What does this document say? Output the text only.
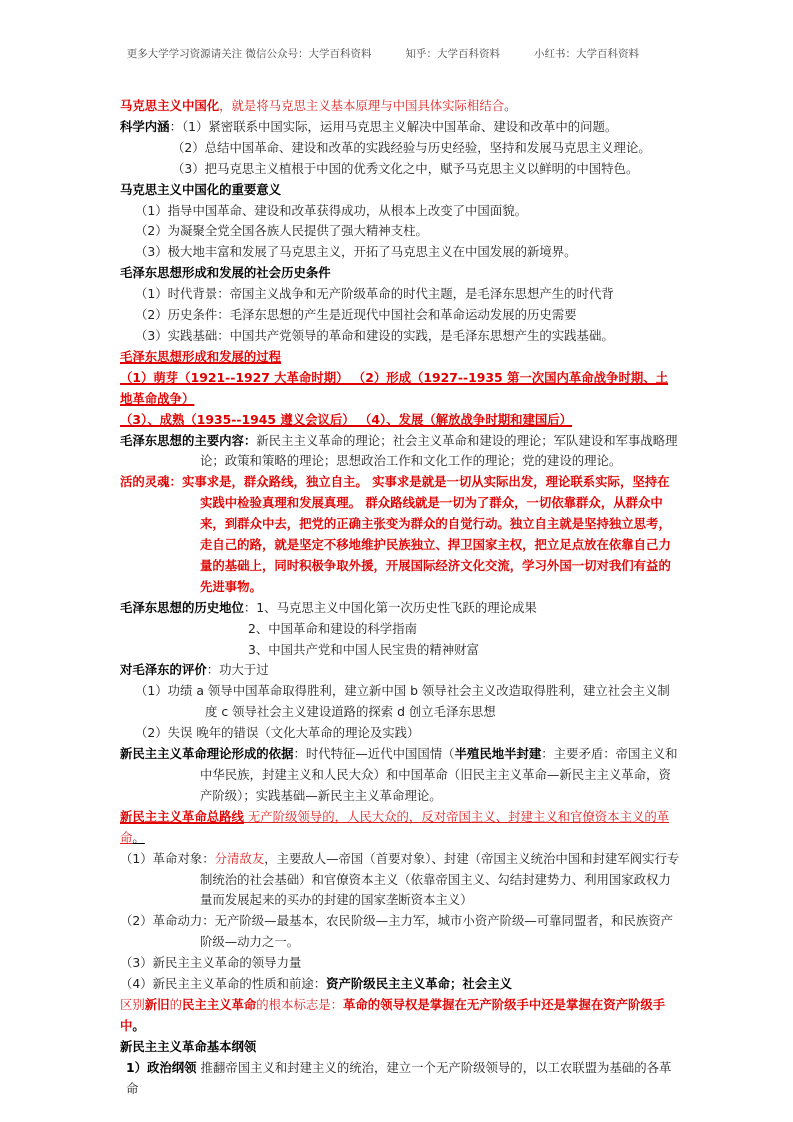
更多大学学习资源请关注 微信公众号：大学百科资料	知乎：大学百科资料	小红书：大学百科资料

马克思主义中国化，就是将马克思主义基本原理与中国具体实际相结合。

科学内涵：（1）紧密联系中国实际，运用马克思主义解决中国革命、建设和改革中的问题。

（2）总结中国革命、建设和改革的实践经验与历史经验，坚持和发展马克思主义理论。

（3）把马克思主义植根于中国的优秀文化之中，赋予马克思主义以鲜明的中国特色。

马克思主义中国化的重要意义

（1）指导中国革命、建设和改革获得成功，从根本上改变了中国面貌。

（2）为凝聚全党全国各族人民提供了强大精神支柱。

（3）极大地丰富和发展了马克思主义，开拓了马克思主义在中国发展的新境界。

毛泽东思想形成和发展的社会历史条件

（1）时代背景：帝国主义战争和无产阶级革命的时代主题，是毛泽东思想产生的时代背

（2）历史条件：毛泽东思想的产生是近现代中国社会和革命运动发展的历史需要

（3）实践基础：中国共产党领导的革命和建设的实践，是毛泽东思想产生的实践基础。

毛泽东思想形成和发展的过程

（1）萌芽（1921--1927 大革命时期） （2）形成（1927--1935 第一次国内革命战争时期、土地革命战争）

（3）、成熟（1935--1945 遵义会议后） （4）、发展（解放战争时期和建国后）

毛泽东思想的主要内容：新民主主义革命的理论；社会主义革命和建设的理论；军队建设和军事战略理论；政策和策略的理论；思想政治工作和文化工作的理论；党的建设的理论。

活的灵魂：实事求是，群众路线，独立自主。 实事求是就是一切从实际出发，理论联系实际，坚持在实践中检验真理和发展真理。 群众路线就是一切为了群众，一切依靠群众，从群众中来，到群众中去，把党的正确主张变为群众的自觉行动。独立自主就是坚持独立思考，走自己的路，就是坚定不移地维护民族独立、捍卫国家主权，把立足点放在依靠自己力量的基础上，同时积极争取外援，开展国际经济文化交流，学习外国一切对我们有益的先进事物。

毛泽东思想的历史地位：1、马克思主义中国化第一次历史性飞跃的理论成果

2、中国革命和建设的科学指南

3、中国共产党和中国人民宝贵的精神财富

对毛泽东的评价：功大于过

（1）功绩 a 领导中国革命取得胜利，建立新中国 b 领导社会主义改造取得胜利，建立社会主义制度 c 领导社会主义建设道路的探索 d 创立毛泽东思想

（2）失误 晚年的错误（文化大革命的理论及实践）

新民主主义革命理论形成的依据：时代特征—近代中国国情（半殖民地半封建：主要矛盾：帝国主义和中华民族，封建主义和人民大众）和中国革命（旧民主主义革命—新民主主义革命，资产阶级）；实践基础—新民主主义革命理论。

新民主主义革命总路线 无产阶级领导的，人民大众的，反对帝国主义、封建主义和官僚资本主义的革命。

（1）革命对象：分清敌友，主要敌人—帝国（首要对象）、封建（帝国主义统治中国和封建军阀实行专制统治的社会基础）和官僚资本主义（依靠帝国主义、勾结封建势力、利用国家政权力量而发展起来的买办的封建的国家垄断资本主义）

（2）革命动力：无产阶级—最基本，农民阶级—主力军，城市小资产阶级—可靠同盟者，和民族资产阶级—动力之一。

（3）新民主主义革命的领导力量

（4）新民主主义革命的性质和前途：资产阶级民主主义革命；社会主义

区别新旧的民主主义革命的根本标志是：革命的领导权是掌握在无产阶级手中还是掌握在资产阶级手中。

新民主主义革命基本纲领

1）政治纲领 推翻帝国主义和封建主义的统治，建立一个无产阶级领导的，以工农联盟为基础的各革命
